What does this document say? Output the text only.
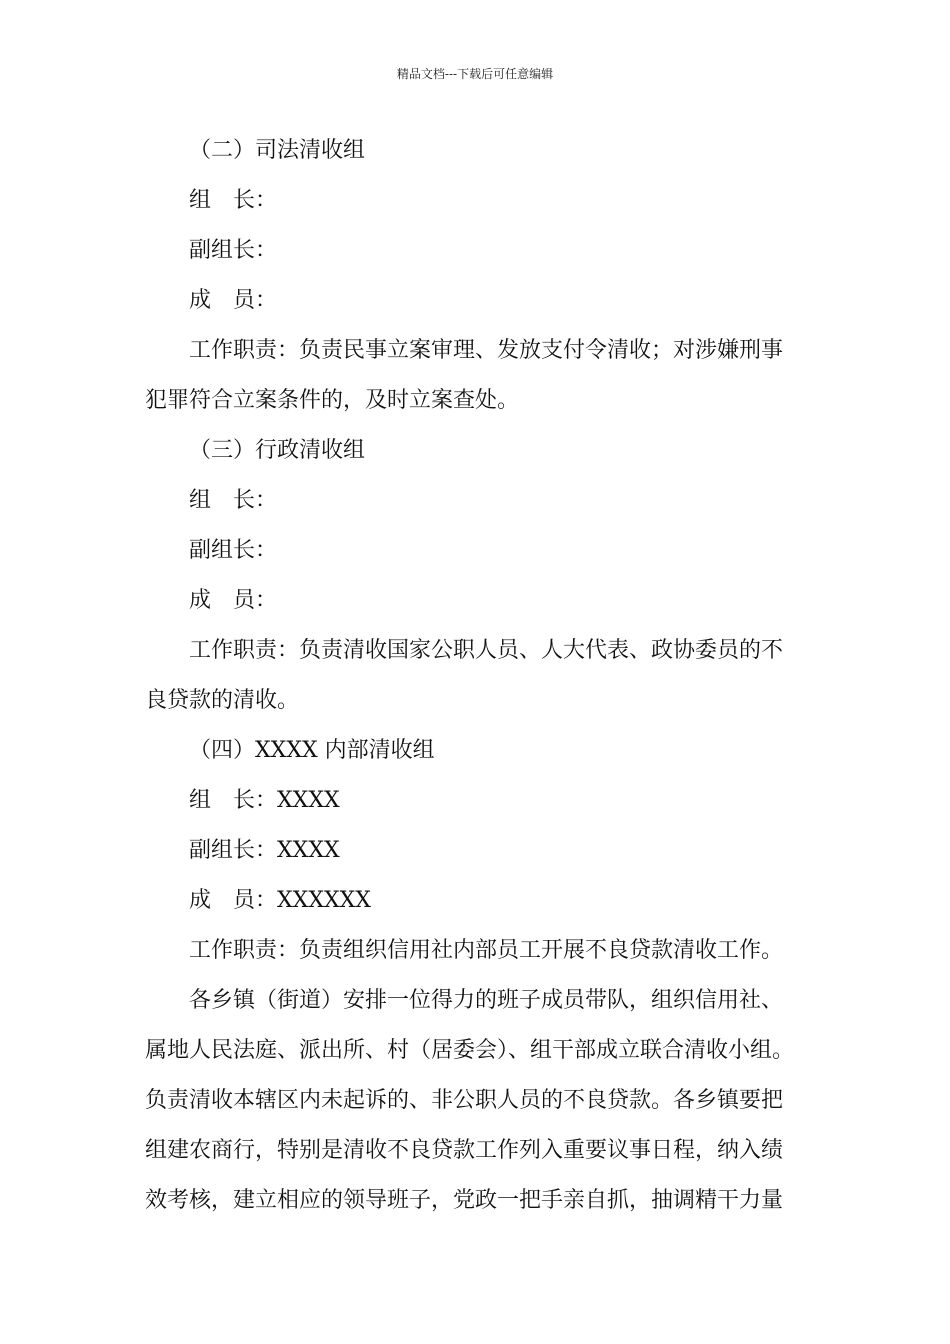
精品文档---下载后可任意编辑
（二）司法清收组
组　长：
副组长：
成　员：
工作职责：负责民事立案审理、发放支付令清收；对涉嫌刑事
犯罪符合立案条件的，及时立案查处。
（三）行政清收组
组　长：
副组长：
成　员：
工作职责：负责清收国家公职人员、人大代表、政协委员的不
良贷款的清收。
（四）XXXX 内部清收组
组　长：XXXX
副组长：XXXX
成　员：XXXXXX
工作职责：负责组织信用社内部员工开展不良贷款清收工作。
各乡镇（街道）安排一位得力的班子成员带队，组织信用社、
属地人民法庭、派出所、村（居委会）、组干部成立联合清收小组。
负责清收本辖区内未起诉的、非公职人员的不良贷款。各乡镇要把
组建农商行，特别是清收不良贷款工作列入重要议事日程，纳入绩
效考核，建立相应的领导班子，党政一把手亲自抓，抽调精干力量
